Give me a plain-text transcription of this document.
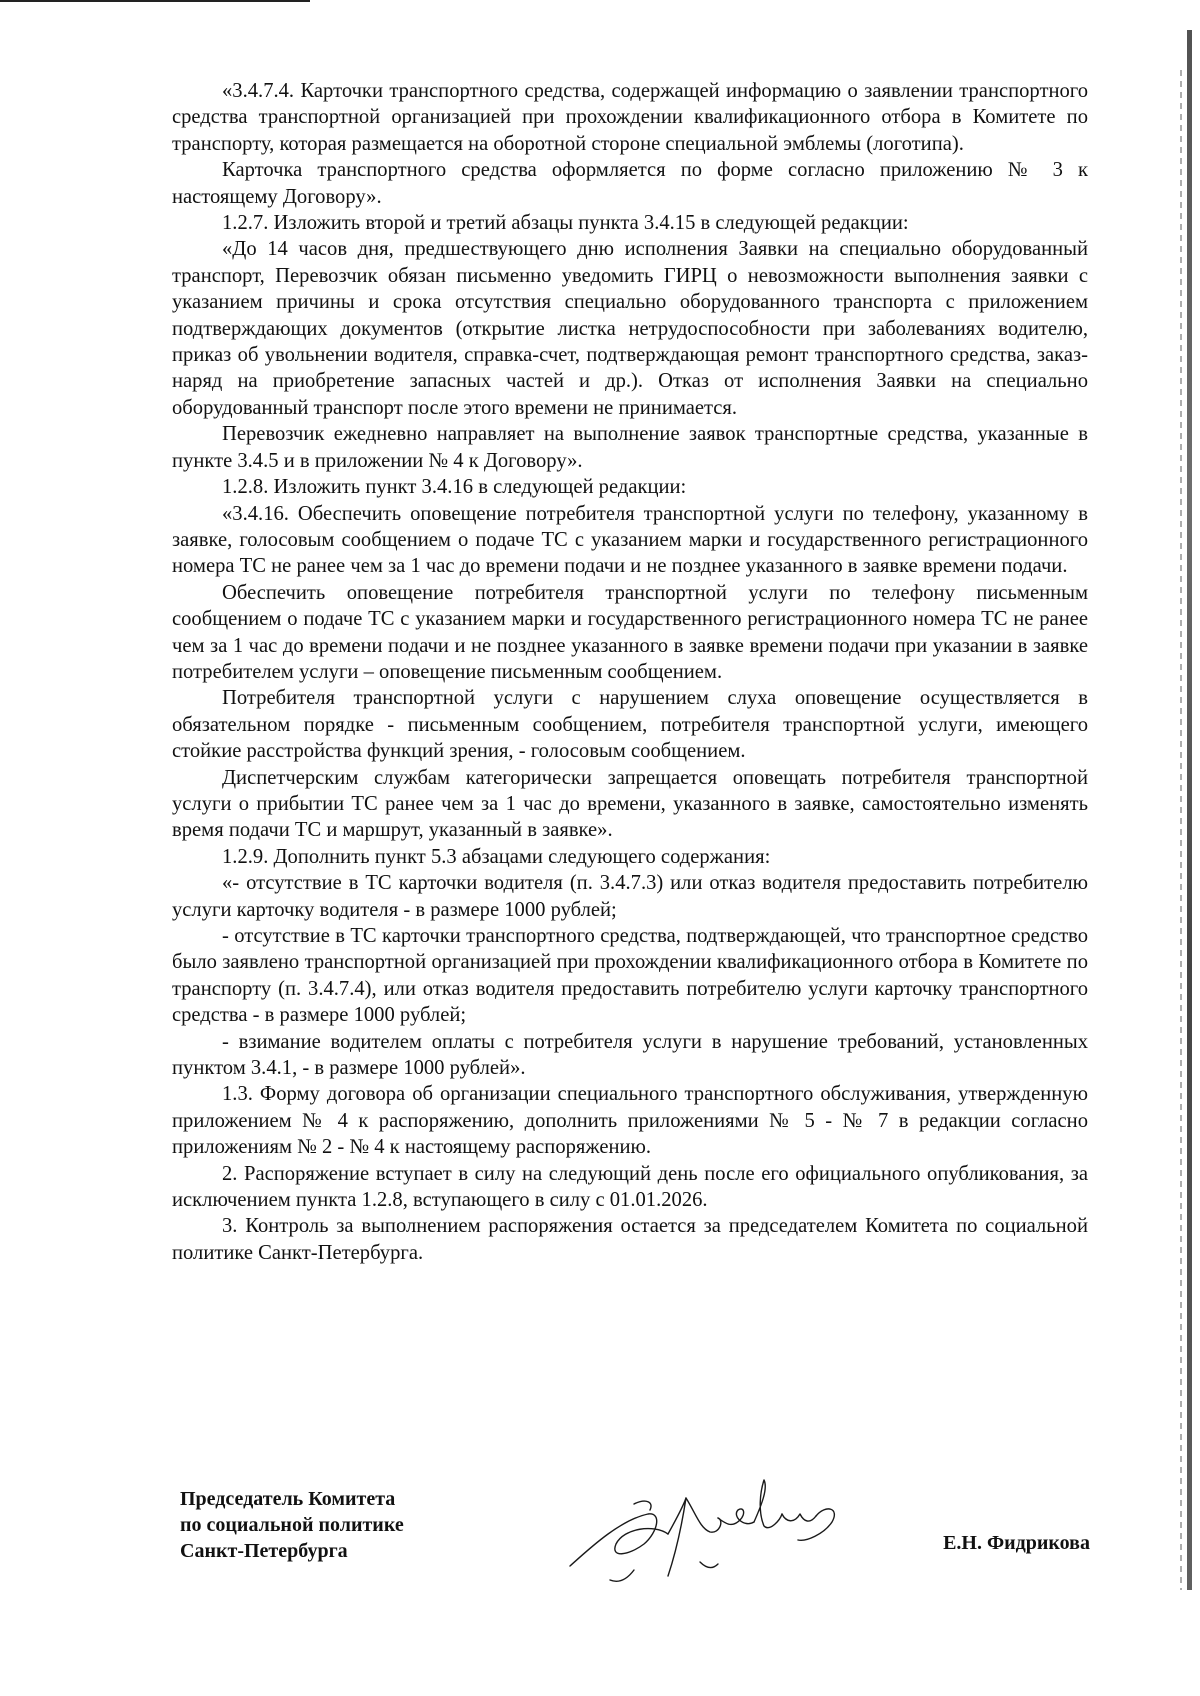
«3.4.7.4. Карточки транспортного средства, содержащей информацию о заявлении транспортного средства транспортной организацией при прохождении квалификационного отбора в Комитете по транспорту, которая размещается на оборотной стороне специальной эмблемы (логотипа).

Карточка транспортного средства оформляется по форме согласно приложению № 3 к настоящему Договору».

1.2.7. Изложить второй и третий абзацы пункта 3.4.15 в следующей редакции:

«До 14 часов дня, предшествующего дню исполнения Заявки на специально оборудованный транспорт, Перевозчик обязан письменно уведомить ГИРЦ о невозможности выполнения заявки с указанием причины и срока отсутствия специально оборудованного транспорта с приложением подтверждающих документов (открытие листка нетрудоспособности при заболеваниях водителю, приказ об увольнении водителя, справка-счет, подтверждающая ремонт транспортного средства, заказ-наряд на приобретение запасных частей и др.). Отказ от исполнения Заявки на специально оборудованный транспорт после этого времени не принимается.

Перевозчик ежедневно направляет на выполнение заявок транспортные средства, указанные в пункте 3.4.5 и в приложении № 4 к Договору».

1.2.8. Изложить пункт 3.4.16 в следующей редакции:

«3.4.16. Обеспечить оповещение потребителя транспортной услуги по телефону, указанному в заявке, голосовым сообщением о подаче ТС с указанием марки и государственного регистрационного номера ТС не ранее чем за 1 час до времени подачи и не позднее указанного в заявке времени подачи.

Обеспечить оповещение потребителя транспортной услуги по телефону письменным сообщением о подаче ТС с указанием марки и государственного регистрационного номера ТС не ранее чем за 1 час до времени подачи и не позднее указанного в заявке времени подачи при указании в заявке потребителем услуги – оповещение письменным сообщением.

Потребителя транспортной услуги с нарушением слуха оповещение осуществляется в обязательном порядке - письменным сообщением, потребителя транспортной услуги, имеющего стойкие расстройства функций зрения, - голосовым сообщением.

Диспетчерским службам категорически запрещается оповещать потребителя транспортной услуги о прибытии ТС ранее чем за 1 час до времени, указанного в заявке, самостоятельно изменять время подачи ТС и маршрут, указанный в заявке».

1.2.9. Дополнить пункт 5.3 абзацами следующего содержания:

«- отсутствие в ТС карточки водителя (п. 3.4.7.3) или отказ водителя предоставить потребителю услуги карточку водителя - в размере 1000 рублей;

- отсутствие в ТС карточки транспортного средства, подтверждающей, что транспортное средство было заявлено транспортной организацией при прохождении квалификационного отбора в Комитете по транспорту (п. 3.4.7.4), или отказ водителя предоставить потребителю услуги карточку транспортного средства - в размере 1000 рублей;

- взимание водителем оплаты с потребителя услуги в нарушение требований, установленных пунктом 3.4.1, - в размере 1000 рублей».

1.3. Форму договора об организации специального транспортного обслуживания, утвержденную приложением № 4 к распоряжению, дополнить приложениями № 5 - № 7 в редакции согласно приложениям № 2 - № 4 к настоящему распоряжению.

2. Распоряжение вступает в силу на следующий день после его официального опубликования, за исключением пункта 1.2.8, вступающего в силу с 01.01.2026.

3. Контроль за выполнением распоряжения остается за председателем Комитета по социальной политике Санкт-Петербурга.

Председатель Комитета
по социальной политике
Санкт-Петербурга	Е.Н. Фидрикова
